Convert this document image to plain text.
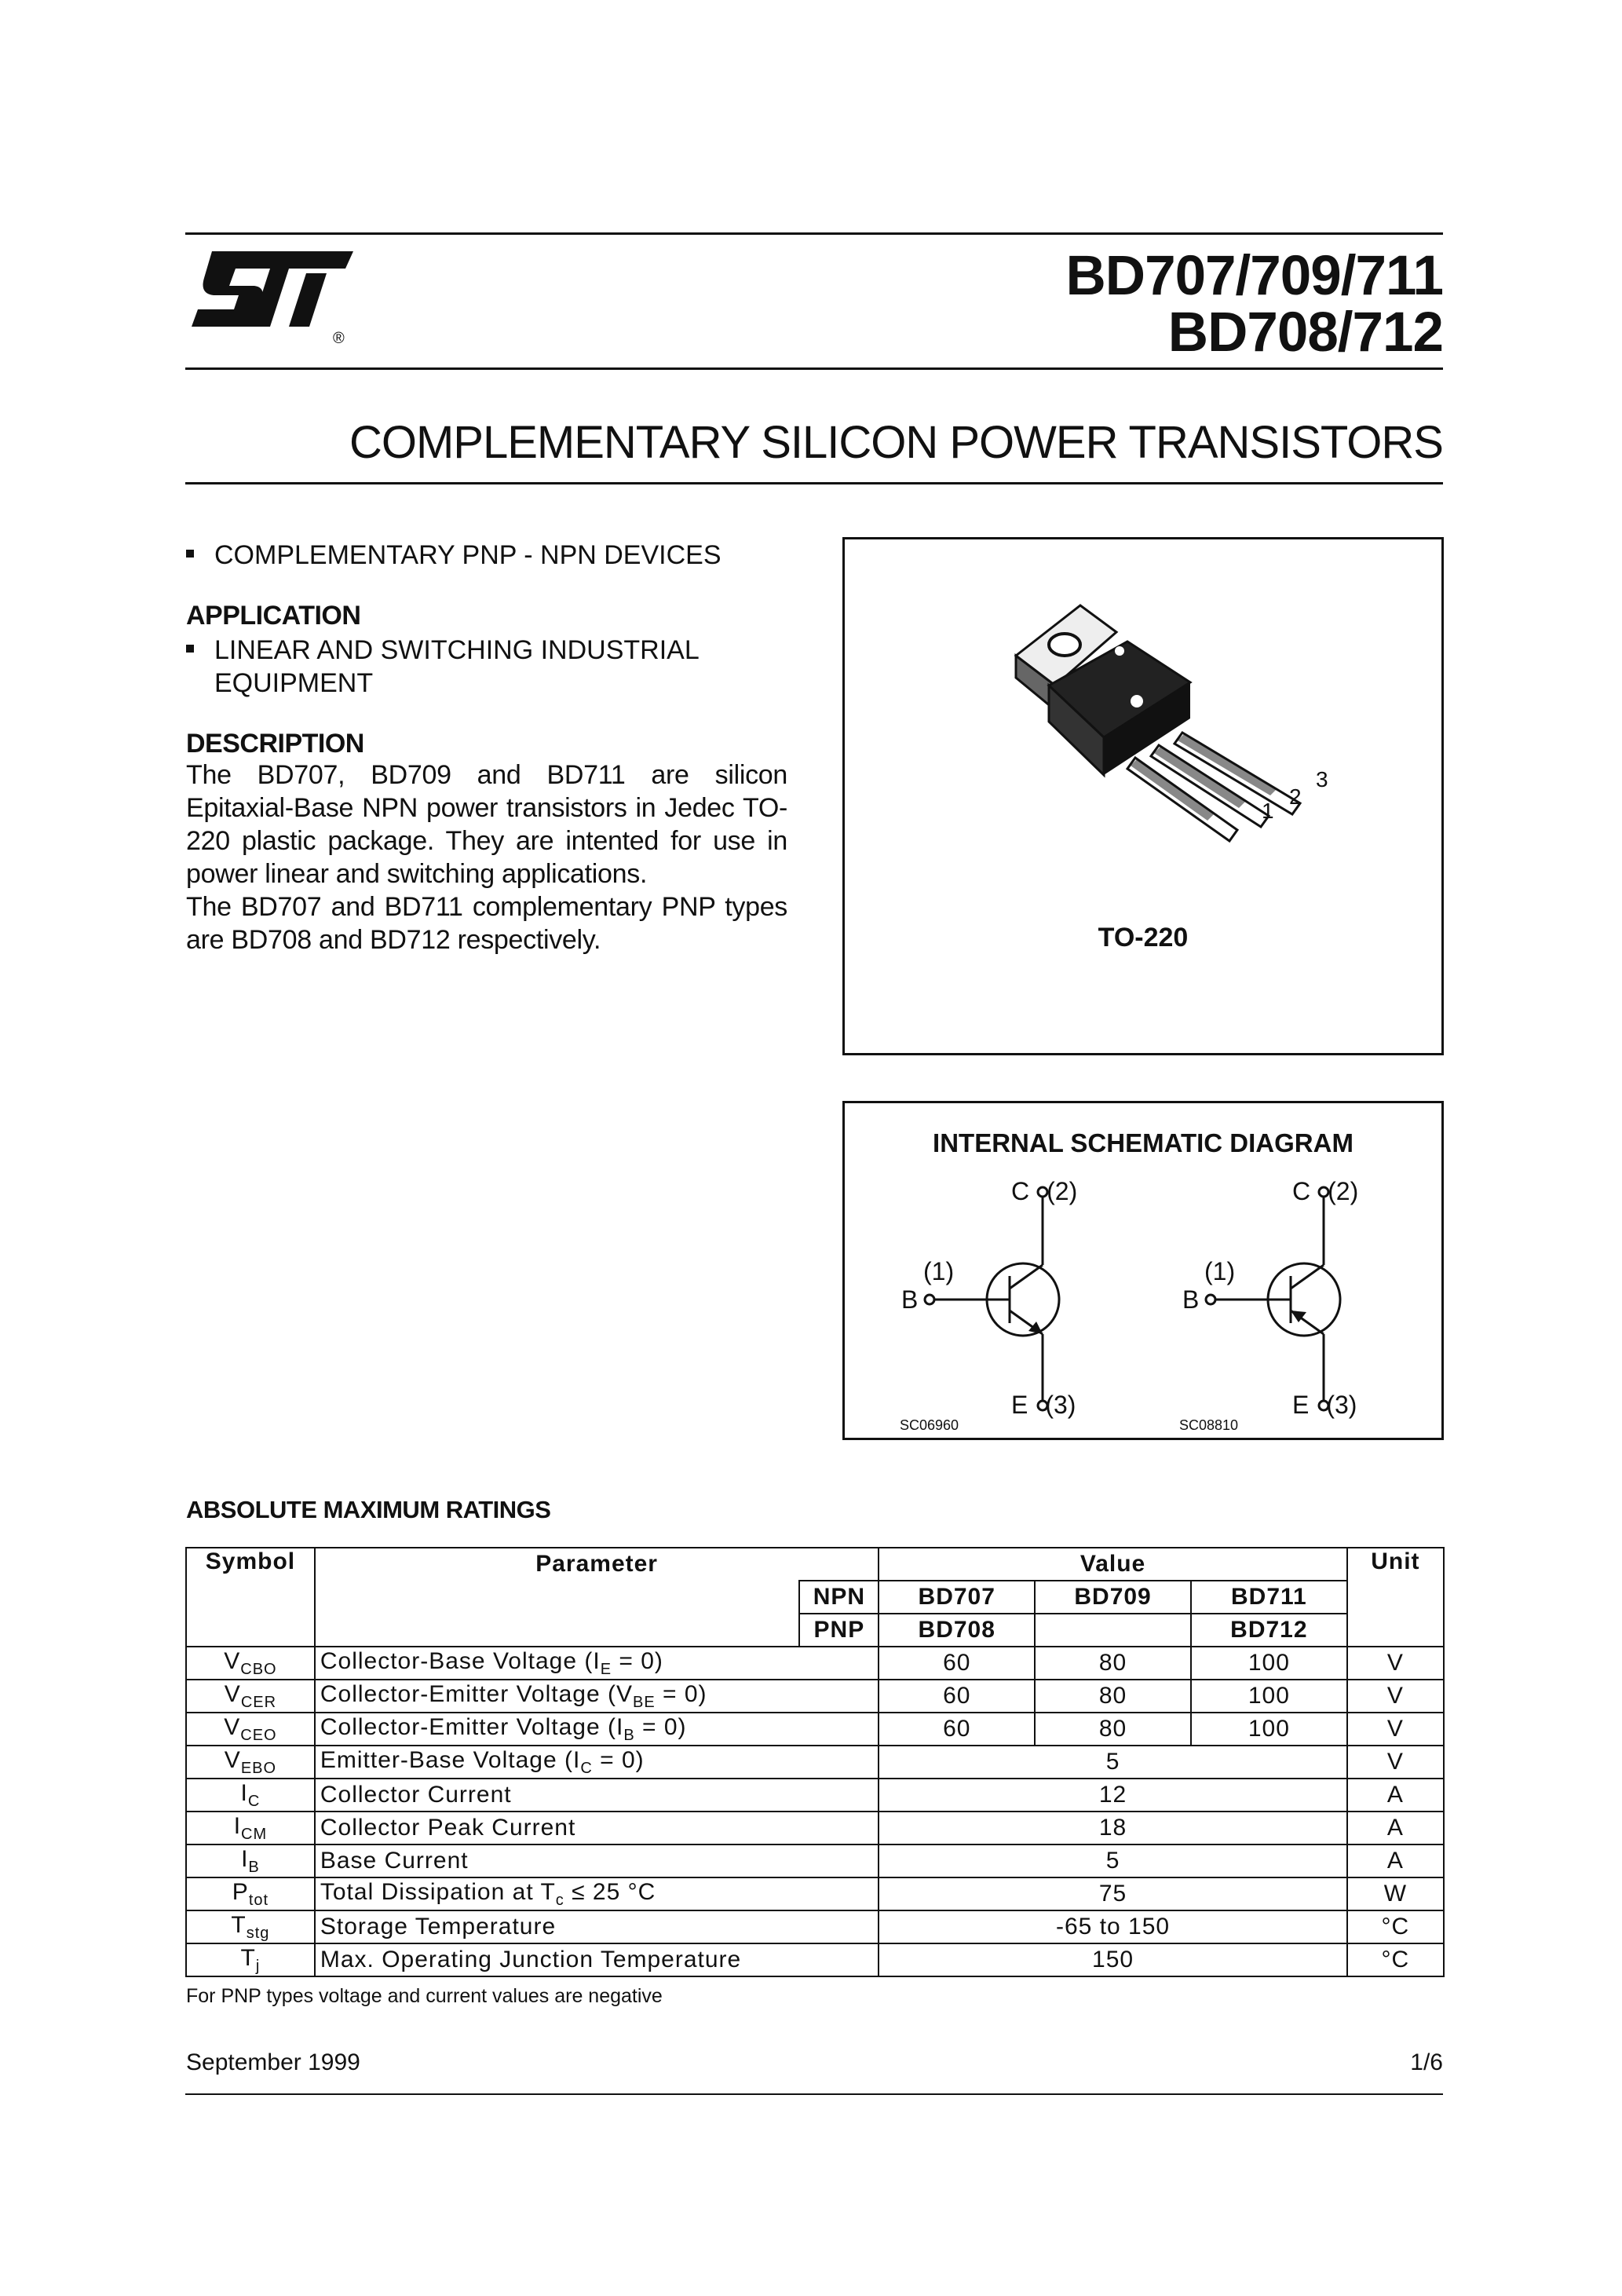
®
BD707/709/711
BD708/712
COMPLEMENTARY SILICON POWER TRANSISTORS
COMPLEMENTARY PNP - NPN DEVICES
APPLICATION
LINEAR AND SWITCHING INDUSTRIAL
EQUIPMENT
DESCRIPTION

The BD707, BD709 and BD711 are silicon Epitaxial-Base NPN power transistors in Jedec TO-220 plastic package. They are intented for use in power linear and switching applications.

The BD707 and BD711 complementary PNP types are BD708 and BD712 respectively.

1
2
3
TO-220
INTERNAL SCHEMATIC DIAGRAM
C (2)
(1)
B
E (3)
SC06960
C (2)
(1)
B
E (3)
SC08810
ABSOLUTE MAXIMUM RATINGS
Symbol	Parameter		Value			Unit
		NPN	BD707	BD709	BD711	
		PNP	BD708		BD712	
$V_{CBO}$	Collector-Base Voltage $(I_E = 0)$		60	80	100	V
$V_{CER}$	Collector-Emitter Voltage $(V_{BE} = 0)$		60	80	100	V
$V_{CEO}$	Collector-Emitter Voltage $(I_B = 0)$		60	80	100	V
$V_{EBO}$	Emitter-Base Voltage $(I_C = 0)$		5			V
$I_C$	Collector Current		12			A
$I_{CM}$	Collector Peak Current		18			A
$I_B$	Base Current		5			A
$P_{tot}$	Total Dissipation at $T_c \le 25$ °C		75			W
$T_{stg}$	Storage Temperature		-65 to 150			°C
$T_j$	Max. Operating Junction Temperature		150			°C
For PNP types voltage and current values are negative
September 1999	1/6
